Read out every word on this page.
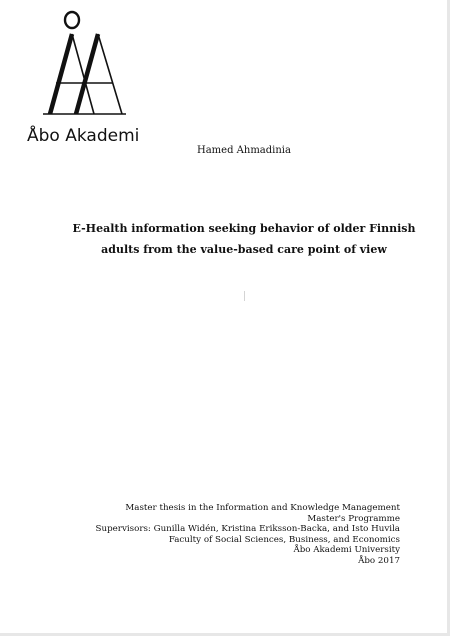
Åbo Akademi
Hamed Ahmadinia
E-Health information seeking behavior of older Finnish
adults from the value-based care point of view
Master thesis in the Information and Knowledge Management
Master's Programme
Supervisors: Gunilla Widén, Kristina Eriksson-Backa, and Isto Huvila
Faculty of Social Sciences, Business, and Economics
Åbo Akademi University
Åbo 2017
